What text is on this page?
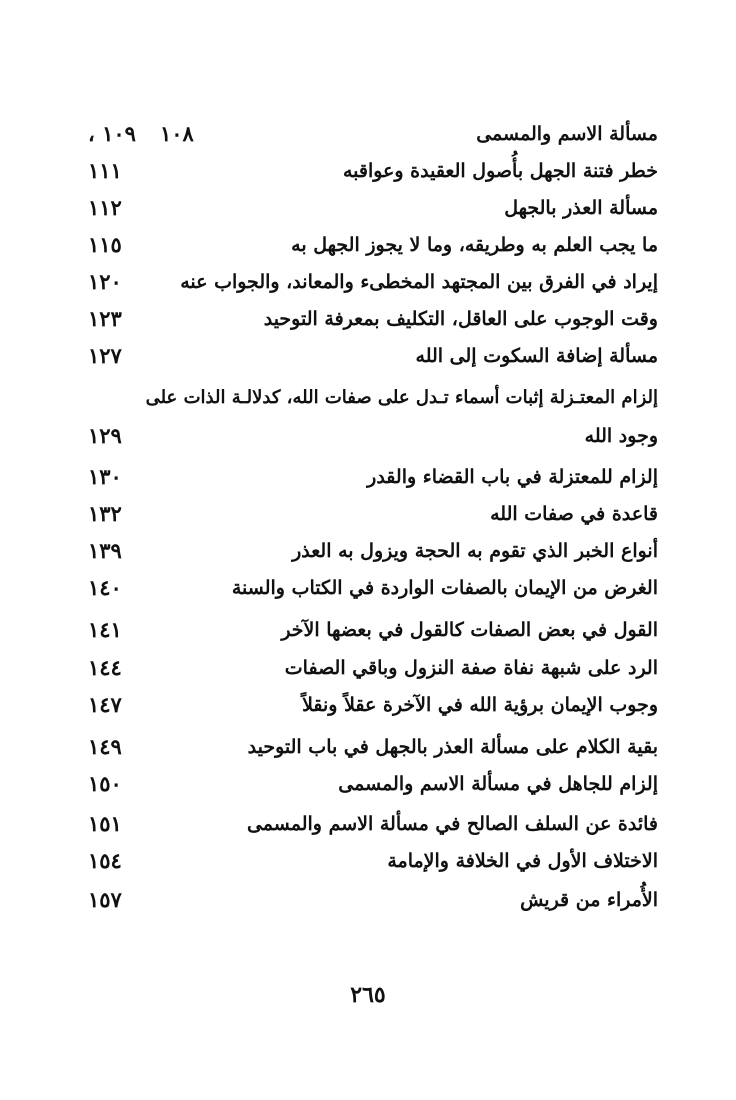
١٠٩ ، ١٠٨	مسألة الاسم والمسمى
١١١	خطر فتنة الجهل بأُصول العقيدة وعواقبه
١١٢	مسألة العذر بالجهل
١١٥	ما يجب العلم به وطريقه، وما لا يجوز الجهل به
١٢٠	إيراد في الفرق بين المجتهد المخطىء والمعاند، والجواب عنه
١٢٣	وقت الوجوب على العاقل، التكليف بمعرفة التوحيد
١٢٧	مسألة إضافة السكوت إلى الله
إلزام المعتـزلة إثبات أسماء تـدل على صفات الله، كدلالـة الذات على
١٢٩	وجود الله
١٣٠	إلزام للمعتزلة في باب القضاء والقدر
١٣٢	قاعدة في صفات الله
١٣٩	أنواع الخبر الذي تقوم به الحجة ويزول به العذر
١٤٠	الغرض من الإيمان بالصفات الواردة في الكتاب والسنة
١٤١	القول في بعض الصفات كالقول في بعضها الآخر
١٤٤	الرد على شبهة نفاة صفة النزول وباقي الصفات
١٤٧	وجوب الإيمان برؤية الله في الآخرة عقلاً ونقلاً
١٤٩	بقية الكلام على مسألة العذر بالجهل في باب التوحيد
١٥٠	إلزام للجاهل في مسألة الاسم والمسمى
١٥١	فائدة عن السلف الصالح في مسألة الاسم والمسمى
١٥٤	الاختلاف الأول في الخلافة والإمامة
١٥٧	الأُمراء من قريش
٢٦٥
